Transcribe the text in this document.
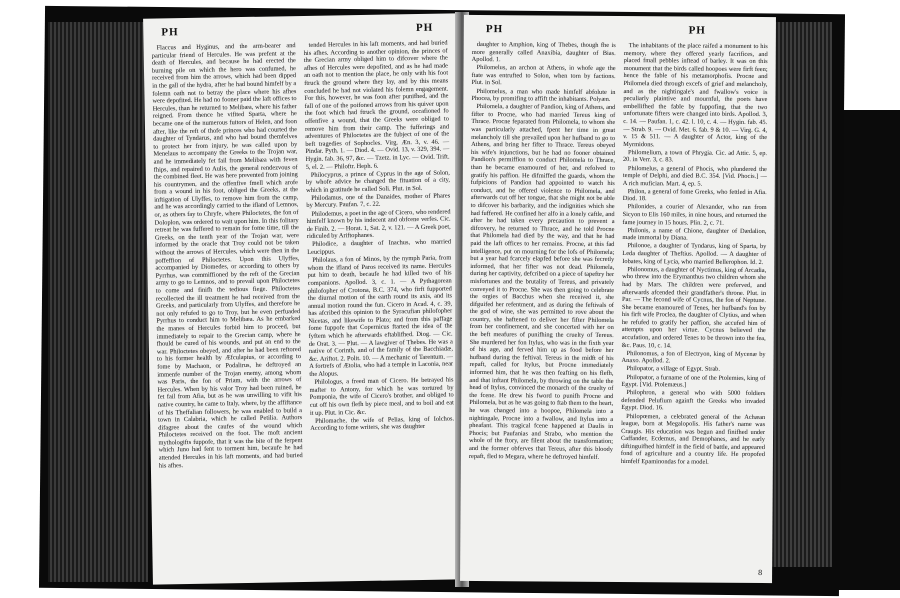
PH	PH

Flaccus and Hyginus, and the arm-bearer and particular friend of Hercules. He was prefent at the death of Hercules, and because he had erected the burning pile on which the hero was confumed, he received from him the arrows, which had been dipped in the gall of the hydra, after he had bound himfelf by a folemn oath not to betray the place where his afhes were depofited. He had no fooner paid the laft offices to Hercules, than he returned to Melibæa, where his father reigned. From thence he vifited Sparta, where he became one of the numerous fuitors of Helen, and foon after, like the reft of thofe princes who had courted the daughter of Tyndarus, and who had bound themfelves to protect her from injury, he was called upon by Menelaus to accompany the Greeks to the Trojan war, and he immediately fet fail from Melibæa with feven fhips, and repaired to Aulis, the general rendezvous of the combined fleet. He was here prevented from joining his countrymen, and the offenfive fmell which arofe from a wound in his foot, obliged the Greeks, at the inftigation of Ulyffes, to remove him from the camp, and he was accordingly carried to the ifland of Lemnos, or, as others fay to Chryfe, where Philoctetes, the fon of Doloplon, was ordered to wait upon him. In this folitary retreat he was fuffered to remain for fome time, till the Greeks, on the tenth year of the Trojan war, were informed by the oracle that Troy could not be taken without the arrows of Hercules, which were then in the poffeffion of Philoctetes. Upon this Ulyffes, accompanied by Diomedes, or according to others by Pyrrhus, was commiffioned by the reft of the Grecian army to go to Lemnos, and to prevail upon Philoctetes to come and finifh the tedious fiege. Philoctetes recollected the ill treatment he had received from the Greeks, and particularly from Ulyffes, and therefore he not only refufed to go to Troy, but he even perfuaded Pyrrhus to conduct him to Melibæa. As he embarked the manes of Hercules forbid him to proceed, but immediately to repair to the Grecian camp, where he fhould be cured of his wounds, and put an end to the war. Philoctetes obeyed, and after he had been reftored to his former health by Æfculapius, or according to fome by Machaon, or Podalirus, he deftroyed an immenfe number of the Trojan enemy, among whom was Paris, the fon of Priam, with the arrows of Hercules. When by his valor Troy had been ruined, he fet fail from Afia, but as he was unwilling to vifit his native country, he came to Italy, where, by the affiftance of his Theffalian followers, he was enabled to build a town in Calabria, which he called Petilia. Authors difagree about the caufes of the wound which Philoctetes received on the foot. The moft ancient mythologifts fuppofe, that it was the bite of the ferpent which Juno had fent to torment him, becaufe he had attended Hercules in his laft moments, and had buried his afhes.

tended Hercules in his laft moments, and had buried his afhes. According to another opinion, the princes of the Grecian army obliged him to difcover where the afhes of Hercules were depofited, and as he had made an oath not to mention the place, he only with his foot ftruck the ground where they lay, and by this means concluded he had not violated his folemn engagement. For this, however, he was foon after punifhed, and the fall of one of the poifoned arrows from his quiver upon the foot which had ftruck the ground, occafioned fo offenfive a wound, that the Greeks were obliged to remove him from their camp. The fufferings and adventures of Philoctetes are the fubject of one of the beft tragedies of Sophocles. Virg. Æn. 3, v. 46. — Pindar. Pyth. 1. — Diod. 4. — Ovid. 13, v. 329, 394. — Hygin. fab. 36, 97, &c. — Tzetz. in Lyc. — Ovid. Trift. 5, el. 2. — Philoftr. Heph. 6.

Philocyprus, a prince of Cyprus in the age of Solon, by whofe advice he changed the fituation of a city, which in gratitude he called Soli. Plut. in Sol.

Philodamus, one of the Danaides, mother of Phares by Mercury. Paufan. 7, c. 22.

Philodemus, a poet in the age of Cicero, who rendered himfelf known by his indecent and obfcene verfes. Cic. de Finib. 2. — Horat. 1, Sat. 2, v. 121. — A Greek poet, ridiculed by Ariftophanes.

Philodice, a daughter of Inachus, who married Leucippus.

Philolaus, a fon of Minos, by the nymph Paria, from whom the ifland of Paros received its name. Hercules put him to death, becaufe he had killed two of his companions. Apollod. 3, c. 1. — A Pythagorean philofopher of Crotona, B.C. 374, who firft fupported the diurnal motion of the earth round its axis, and its annual motion round the fun. Cicero in Acad. 4, c. 39, has afcribed this opinion to the Syracufian philofopher Nicetas, and likewife to Plato; and from this paffage fome fuppofe that Copernicus ftarted the idea of the fyftem which he afterwards eftablifhed. Diog. — Cic. de Orat. 3. — Plut. — A lawgiver of Thebes. He was a native of Corinth, and of the family of the Bacchiadæ, &c. Ariftot. 2. Polit. 10. — A mechanic of Tarentum. — A fortrefs of Ætolia, who had a temple in Laconia, near the Alopus.

Philologus, a freed man of Cicero. He betrayed his mafter to Antony, for which he was tortured by Pomponia, the wife of Cicero's brother, and obliged to cut off his own flefh by piece meal, and to boil and eat it up. Plut. in Cic. &c.

Philomache, the wife of Pelias, king of Iolchos. According to fome writers, she was daughter

PH	PH

daughter to Amphion, king of Thebes, though fhe is more generally called Anaxibia, daughter of Bias. Apollod. 1.

Philomelus, an archon at Athens, in whofe age the ftate was entrufted to Solon, when torn by factions. Plut. in Sol.

Philomelus, a man who made himfelf abfolute in Phocea, by promifing to affift the inhabitants. Polyæn.

Philomela, a daughter of Pandion, king of Athens, and fifter to Procne, who had married Tereus king of Thrace. Procne feparated from Philomela, to whom she was particularly attached, fpent her time in great melancholy till she prevailed upon her hufband to go to Athens, and bring her fifter to Thrace. Tereus obeyed his wife's injunctions, but he had no fooner obtained Pandion's permiffion to conduct Philomela to Thrace, than he became enamoured of her, and refolved to gratify his paffion. He difmiffed the guards, whom the fufpicions of Pandion had appointed to watch his conduct, and he offered violence to Philomela, and afterwards cut off her tongue, that she might not be able to difcover his barbarity, and the indignities which she had fuffered. He confined her alfo in a lonely caftle, and after he had taken every precaution to prevent a difcovery, he returned to Thrace, and he told Procne that Philomela had died by the way, and that he had paid the laft offices to her remains. Procne, at this fad intelligence, put on mourning for the lofs of Philomela; but a year had fcarcely elapfed before she was fecretly informed, that her fifter was not dead. Philomela, during her captivity, defcribed on a piece of tapeftry her misfortunes and the brutality of Tereus, and privately conveyed it to Procne. She was then going to celebrate the orgies of Bacchus when she received it, she difguifed her refentment, and as during the feftivals of the god of wine, she was permitted to rove about the country, she haftened to deliver her fifter Philomela from her confinement, and she concerted with her on the beft meafures of punifhing the cruelty of Tereus. She murdered her fon Itylus, who was in the fixth year of his age, and ferved him up as food before her hufband during the feftival. Tereus in the midft of his repaft, called for Itylus, but Procne immediately informed him, that he was then feafting on his flefh, and that inftant Philomela, by throwing on the table the head of Itylus, convinced the monarch of the cruelty of the fcene. He drew his fword to punifh Procne and Philomela, but as he was going to ftab them to the heart, he was changed into a hoopoe, Philomela into a nightingale, Procne into a fwallow, and Itylus into a pheafant. This tragical fcene happened at Daulis in Phocis; but Paufanias and Strabo, who mention the whole of the ftory, are filent about the transformation; and the former obferves that Tereus, after this bloody repaft, fled to Megara, where he deftroyed himfelf.

The inhabitants of the place raifed a monument to his memory, where they offered yearly facrifices, and placed fmall pebbles inftead of barley. It was on this monument that the birds called hoopoes were firft feen; hence the fable of his metamorphofis. Procne and Philomela died through excefs of grief and melancholy, and as the nightingale's and fwallow's voice is peculiarly plaintive and mournful, the poets have embellifhed the fable by fuppofing, that the two unfortunate fifters were changed into birds. Apollod. 3, c. 14. — Paufan. 1, c. 42. l. 10, c. 4. — Hygin. fab. 45. — Strab. 9. — Ovid. Met. 6. fab. 9 & 10. — Virg. G. 4, v. 15 & 511. — A daughter of Actor, king of the Myrmidons.

Philomelium, a town of Phrygia. Cic. ad Attic. 5, ep. 20. in Verr. 3, c. 83.

Philomelus, a general of Phocis, who plundered the temple of Delphi, and died B.C. 354. [Vid. Phocis.] — A rich mufician. Mart. 4, ep. 5.

Philon, a general of fome Greeks, who fettled in Afia. Diod. 18.

Philonides, a courier of Alexander, who ran from Sicyon to Elis 160 miles, in nine hours, and returned the fame journey in 15 hours. Plin. 2, c. 71.

Philonis, a name of Chione, daughter of Dædalion, made immortal by Diana.

Philonoe, a daughter of Tyndarus, king of Sparta, by Leda daughter of Theftius. Apollod. — A daughter of Iobates, king of Lycia, who married Bellerophon. Id. 2.

Philonomus, a daughter of Nyctimus, king of Arcadia, who threw into the Erymanthus two children whom she had by Mars. The children were preferved, and afterwards afcended their grandfather's throne. Plut. in Par. — The fecond wife of Cycnus, the fon of Neptune. She became enamoured of Tenes, her hufband's fon by his firft wife Proclea, the daughter of Clytius, and when he refufed to gratify her paffion, she accufed him of attempts upon her virtue. Cycnus believed the accufation, and ordered Tenes to be thrown into the fea, &c. Paus. 10, c. 14.

Philonomus, a fon of Electryon, king of Mycenæ by Anaxo. Apollod. 2.

Philopator, a village of Egypt. Strab.

Philopator, a furname of one of the Ptolemies, king of Egypt. [Vid. Ptolemæus.]

Philophron, a general who with 5000 foldiers defended Pelufium againft the Greeks who invaded Egypt. Diod. 16.

Philopœmen, a celebrated general of the Achæan league, born at Megalopolis. His father's name was Craugis. His education was begun and finifhed under Caffander, Ecdemus, and Demophanes, and he early diftinguifhed himfelf in the field of battle, and appeared fond of agriculture and a country life. He propofed himfelf Epaminondas for a model.

8
